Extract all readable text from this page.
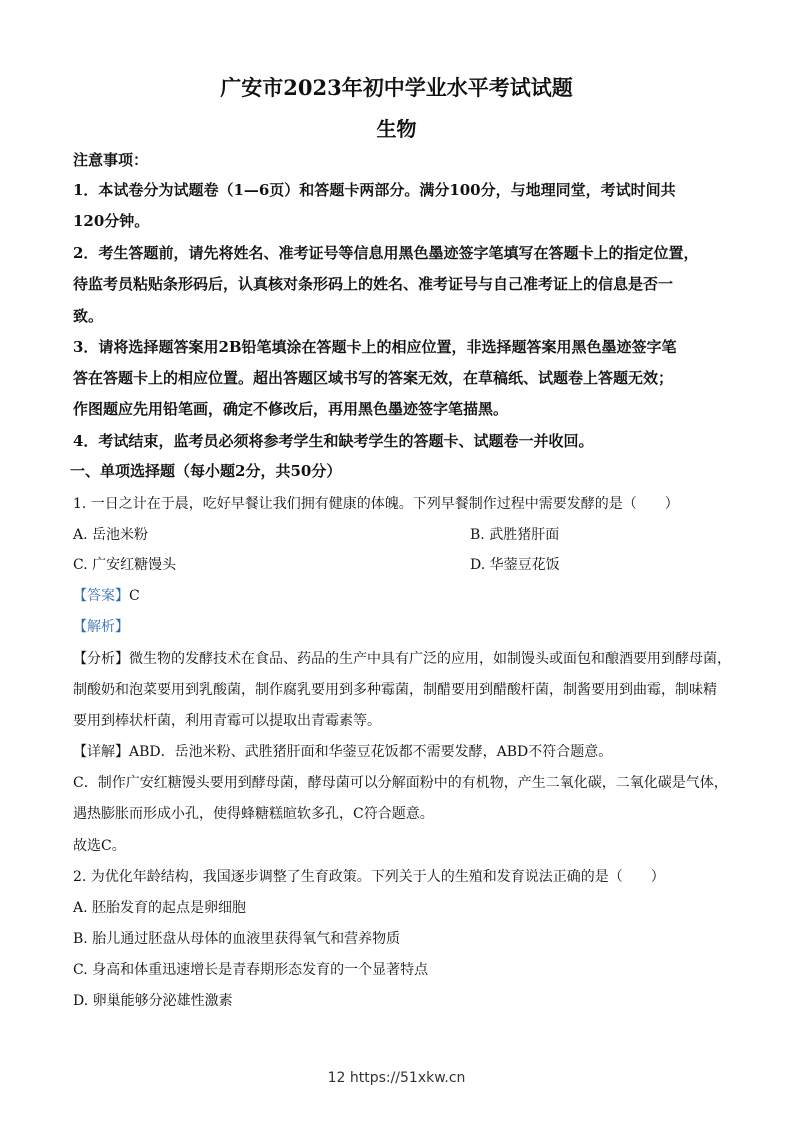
广安市2023年初中学业水平考试试题
生物
注意事项：
1．本试卷分为试题卷（1—6页）和答题卡两部分。满分100分，与地理同堂，考试时间共
120分钟。
2．考生答题前，请先将姓名、准考证号等信息用黑色墨迹签字笔填写在答题卡上的指定位置，
待监考员粘贴条形码后，认真核对条形码上的姓名、准考证号与自己准考证上的信息是否一
致。
3．请将选择题答案用2B铅笔填涂在答题卡上的相应位置，非选择题答案用黑色墨迹签字笔
答在答题卡上的相应位置。超出答题区域书写的答案无效，在草稿纸、试题卷上答题无效；
作图题应先用铅笔画，确定不修改后，再用黑色墨迹签字笔描黑。
4．考试结束，监考员必须将参考学生和缺考学生的答题卡、试题卷一并收回。
一、单项选择题（每小题2分，共50分）
1. 一日之计在于晨，吃好早餐让我们拥有健康的体魄。下列早餐制作过程中需要发酵的是（　　）
A. 岳池米粉	B. 武胜猪肝面
C. 广安红糖馒头	D. 华蓥豆花饭
【答案】C
【解析】
【分析】微生物的发酵技术在食品、药品的生产中具有广泛的应用，如制馒头或面包和酿酒要用到酵母菌，
制酸奶和泡菜要用到乳酸菌，制作腐乳要用到多种霉菌，制醋要用到醋酸杆菌，制酱要用到曲霉，制味精
要用到棒状杆菌，利用青霉可以提取出青霉素等。
【详解】ABD．岳池米粉、武胜猪肝面和华蓥豆花饭都不需要发酵，ABD不符合题意。
C．制作广安红糖馒头要用到酵母菌，酵母菌可以分解面粉中的有机物，产生二氧化碳，二氧化碳是气体，
遇热膨胀而形成小孔，使得蜂糖糕暄软多孔，C符合题意。
故选C。
2. 为优化年龄结构，我国逐步调整了生育政策。下列关于人的生殖和发育说法正确的是（　　）
A. 胚胎发育的起点是卵细胞
B. 胎儿通过胚盘从母体的血液里获得氧气和营养物质
C. 身高和体重迅速增长是青春期形态发育的一个显著特点
D. 卵巢能够分泌雄性激素
12 https://51xkw.cn
